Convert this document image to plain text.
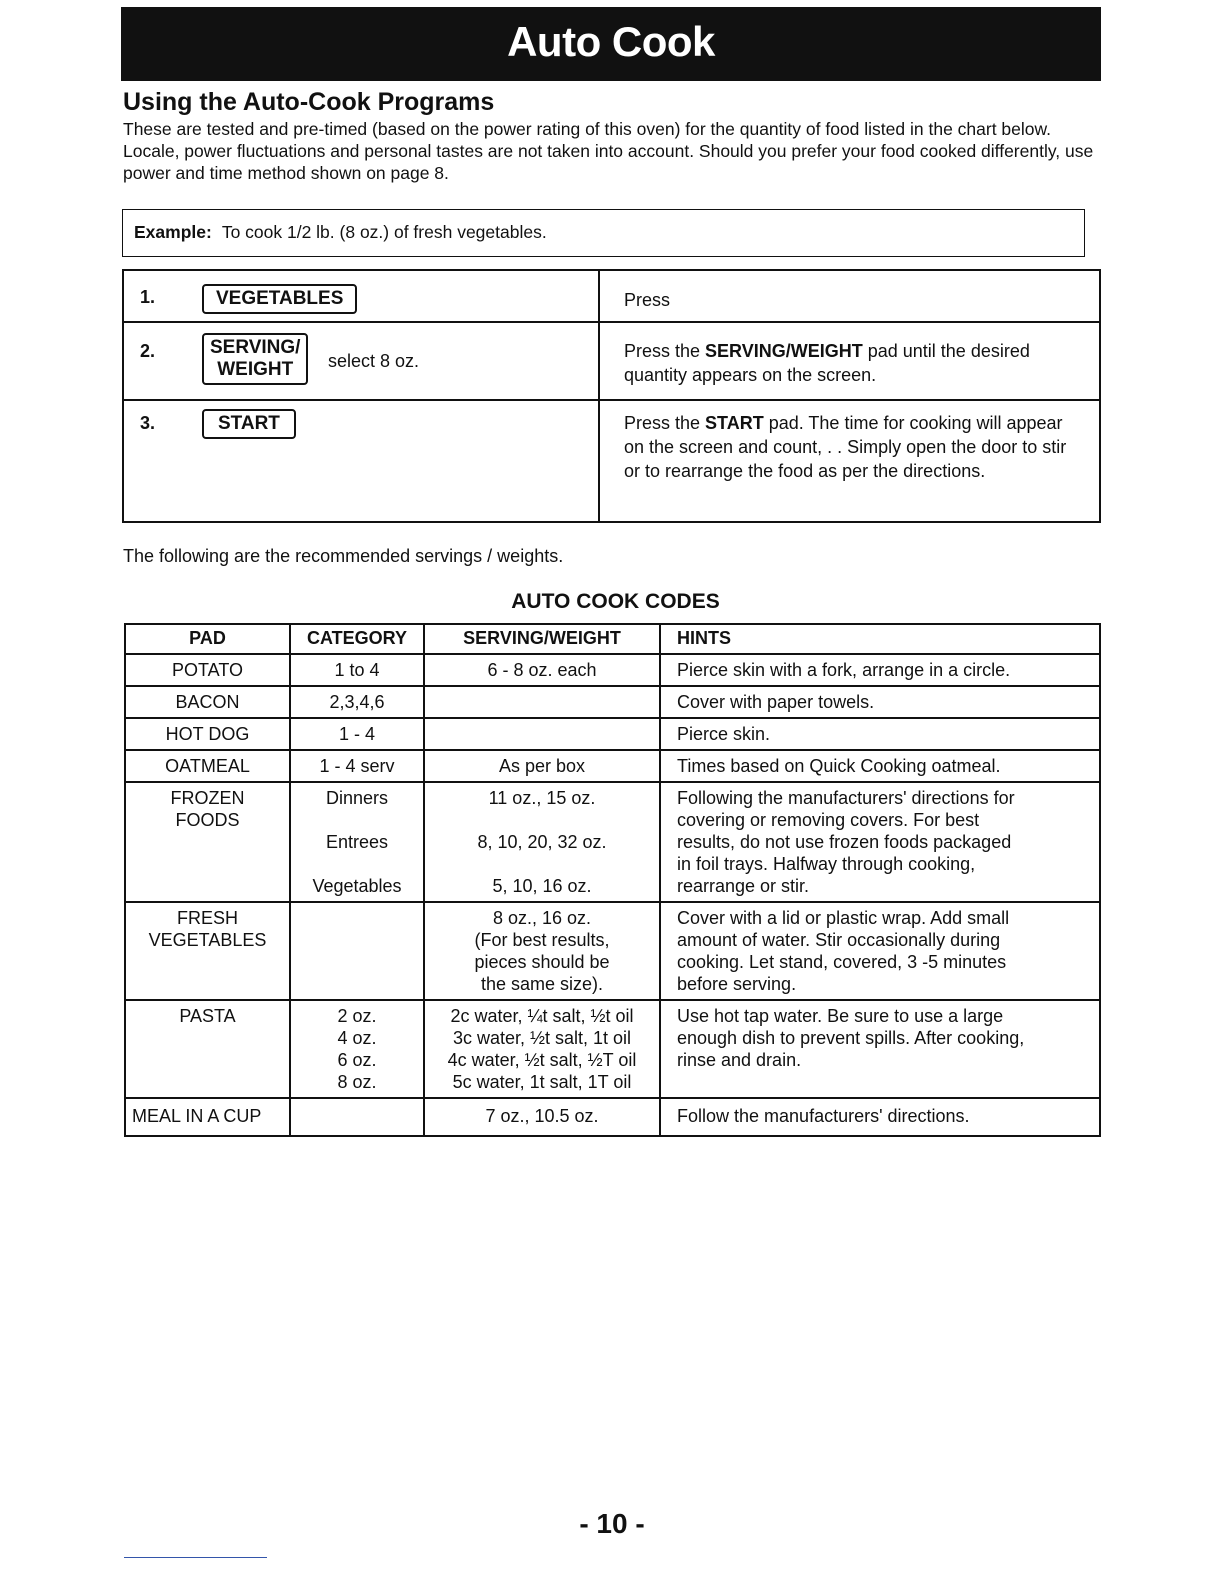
Auto Cook
Using the Auto-Cook Programs
These are tested and pre-timed (based on the power rating of this oven) for the quantity of food listed in the chart below. Locale, power fluctuations and personal tastes are not taken into account. Should you prefer your food cooked differently, use power and time method shown on page 8.
Example: To cook 1/2 lb. (8 oz.) of fresh vegetables.
1. VEGETABLES	Press

2. SERVING/
WEIGHT select 8 oz.	Press the SERVING/WEIGHT pad until the desired quantity appears on the screen.

3. START	Press the START pad. The time for cooking will appear on the screen and count, . . Simply open the door to stir or to rearrange the food as per the directions.
The following are the recommended servings / weights.
AUTO COOK CODES
PAD	CATEGORY	SERVING/WEIGHT	HINTS
POTATO	1 to 4	6 - 8 oz. each	Pierce skin with a fork, arrange in a circle.
BACON	2,3,4,6		Cover with paper towels.
HOT DOG	1 - 4		Pierce skin.
OATMEAL	1 - 4 serv	As per box	Times based on Quick Cooking oatmeal.

FROZEN
FOODS	Dinners
Entrees
Vegetables	11 oz., 15 oz.
8, 10, 20, 32 oz.
5, 10, 16 oz.	Following the manufacturers' directions for
covering or removing covers. For best
results, do not use frozen foods packaged
in foil trays. Halfway through cooking,
rearrange or stir.

FRESH
VEGETABLES		8 oz., 16 oz.
(For best results,
pieces should be
the same size).	Cover with a lid or plastic wrap. Add small
amount of water. Stir occasionally during
cooking. Let stand, covered, 3 -5 minutes
before serving.

PASTA	2 oz.
4 oz.
6 oz.
8 oz.	2c water, ¼t salt, ½t oil
3c water, ½t salt, 1t oil
4c water, ½t salt, ½T oil
5c water, 1t salt, 1T oil	Use hot tap water. Be sure to use a large
enough dish to prevent spills. After cooking,
rinse and drain.

MEAL IN A CUP		7 oz., 10.5 oz.	Follow the manufacturers' directions.
- 10 -
